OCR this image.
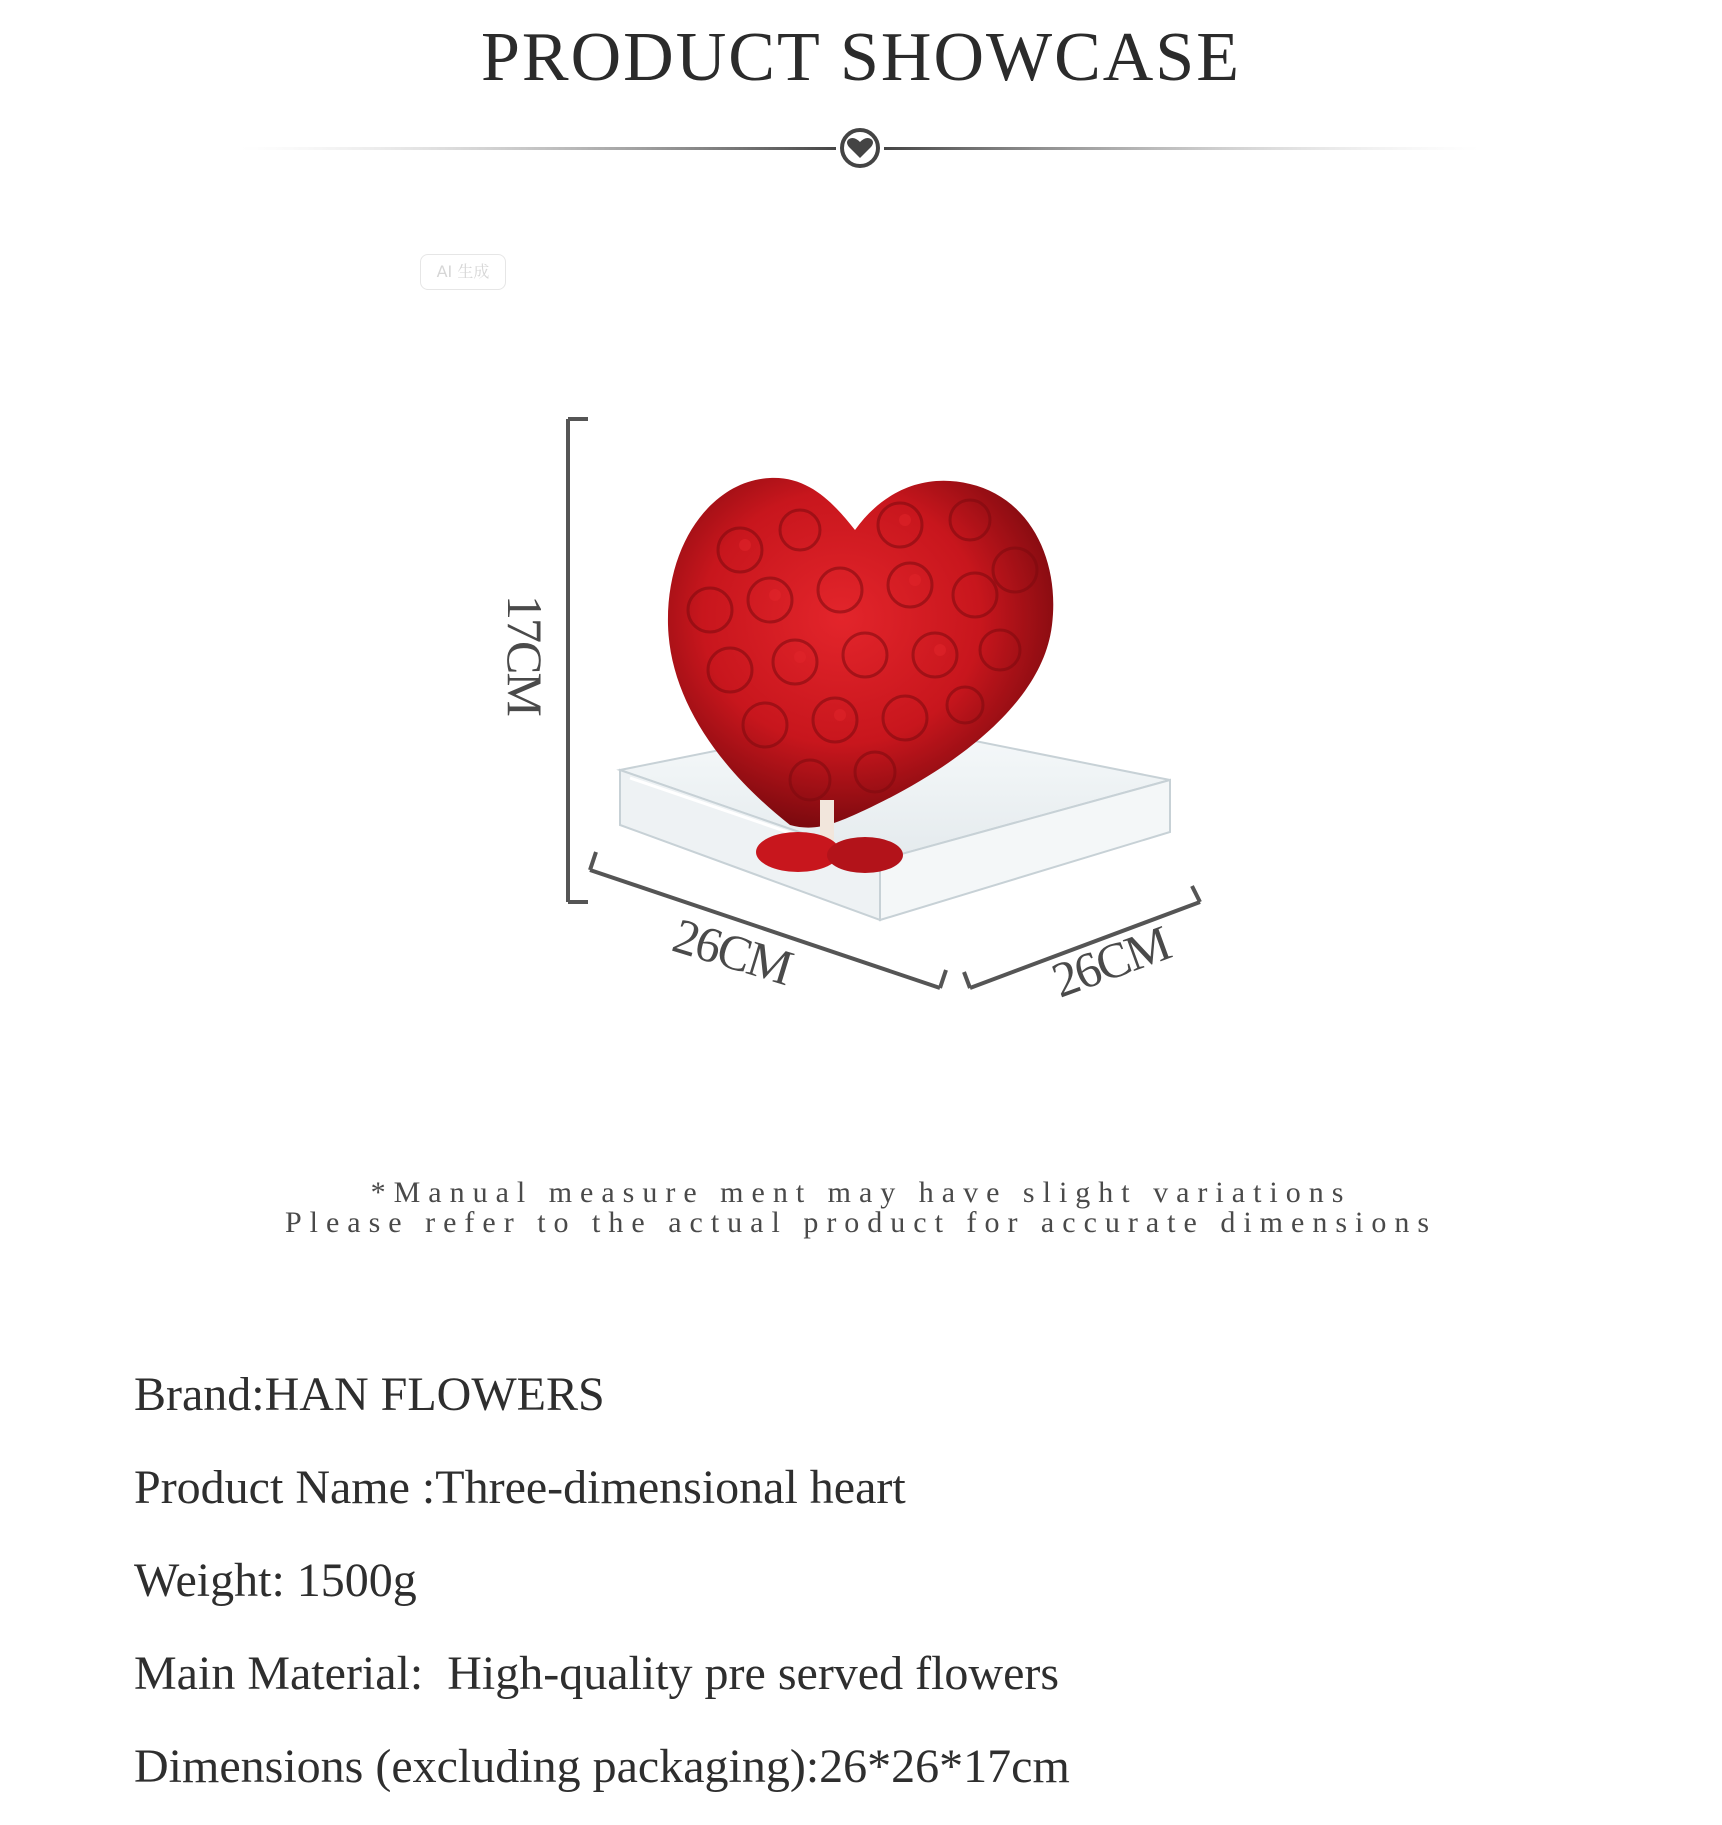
PRODUCT SHOWCASE
AI 生成
17CM
26CM	26CM
*Manual measure ment may have slight variations
Please refer to the actual product for accurate dimensions
Brand:HAN FLOWERS
Product Name :Three-dimensional heart
Weight: 1500g
Main Material:  High-quality pre served flowers
Dimensions (excluding packaging):26*26*17cm
